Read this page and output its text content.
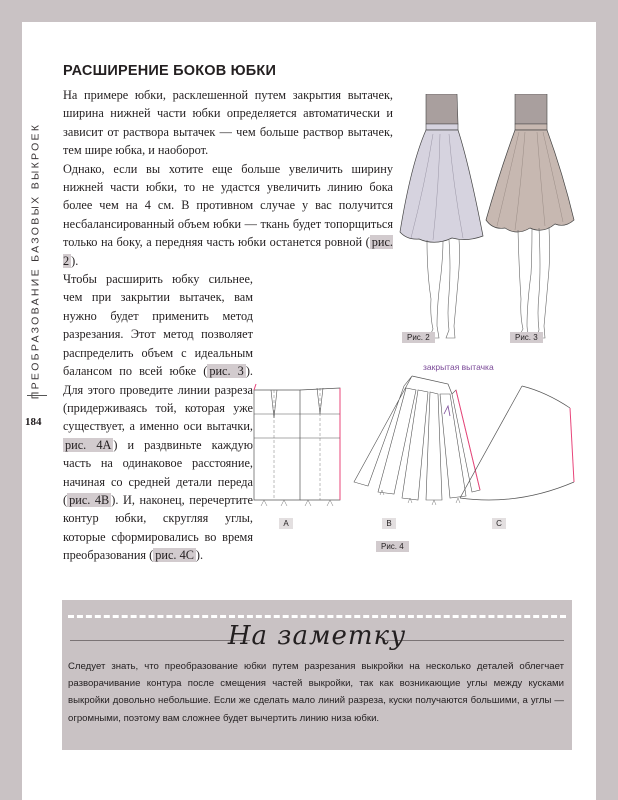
ПРЕОБРАЗОВАНИЕ БАЗОВЫХ ВЫКРОЕК
184
РАСШИРЕНИЕ БОКОВ ЮБКИ

На примере юбки, расклешенной путем закрытия вытачек, ширина нижней части юбки определяется автоматически и зависит от раствора вытачек — чем больше раствор вытачек, тем шире юбка, и наоборот.

Однако, если вы хотите еще больше увеличить ширину нижней части юбки, то не удастся увеличить линию бока более чем на 4 см. В противном случае у вас получится несбалансированный объем юбки — ткань будет топорщиться только на боку, а передняя часть юбки останется ровной ( рис. 2 ).

Чтобы расширить юбку сильнее, чем при закрытии вытачек, вам нужно будет применить метод разрезания. Этот метод позволяет распределить объем с идеальным балансом по всей юбке ( рис. 3 ). Для этого проведите линии разреза (придерживаясь той, которая уже существует, а именно оси вытачки, рис. 4А ) и раздвиньте каждую часть на одинаковое расстояние, начиная со средней детали переда ( рис. 4В ). И, наконец, перечертите контур юбки, скругляя углы, которые сформировались во время преобразования ( рис. 4С ).

Рис. 2	Рис. 3
A
закрытая вытачка
B	C
Рис. 4
На заметку
Следует знать, что преобразование юбки путем разрезания выкройки на несколько деталей облегчает разворачивание контура после смещения частей выкройки, так как возникающие углы между кусками выкройки довольно небольшие. Если же сделать мало линий разреза, куски получаются большими, а углы — огромными, поэтому вам сложнее будет вычертить линию низа юбки.
